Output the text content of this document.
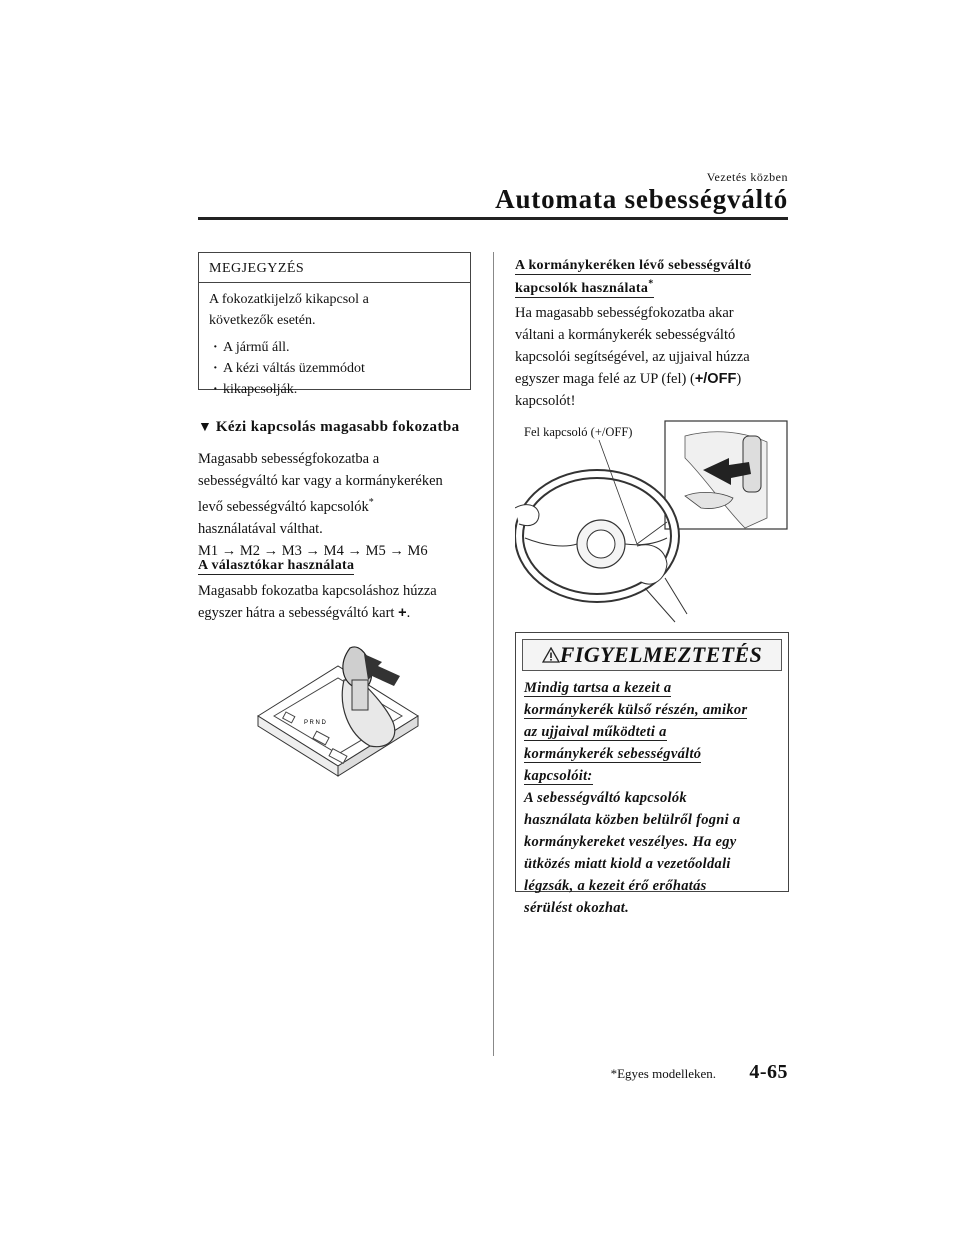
Vezetés közben
Automata sebességváltó
MEGJEGYZÉS
A fokozatkijelző kikapcsol a
következők esetén.
· A jármű áll.
· A kézi váltás üzemmódot
· kikapcsolják.
▼ Kézi kapcsolás magasabb fokozatba
Magasabb sebességfokozatba a
sebességváltó kar vagy a kormánykeréken
levő sebességváltó kapcsolók*
használatával válthat.
M1 → M2 → M3 → M4 → M5 → M6
A választókar használata
Magasabb fokozatba kapcsoláshoz húzza
egyszer hátra a sebességváltó kart +.
P R N D
A kormánykeréken lévő sebességváltó
kapcsolók használata*
Ha magasabb sebességfokozatba akar
váltani a kormánykerék sebességváltó
kapcsolói segítségével, az ujjaival húzza
egyszer maga felé az UP (fel) (+/OFF)
kapcsolót!
Fel kapcsoló (+/OFF)
FIGYELMEZTETÉS
Mindig tartsa a kezeit a
kormánykerék külső részén, amikor
az ujjaival működteti a
kormánykerék sebességváltó
kapcsolóit:
A sebességváltó kapcsolók
használata közben belülről fogni a
kormánykereket veszélyes. Ha egy
ütközés miatt kiold a vezetőoldali
légzsák, a kezeit érő erőhatás
sérülést okozhat.
*Egyes modelleken. 4-65
